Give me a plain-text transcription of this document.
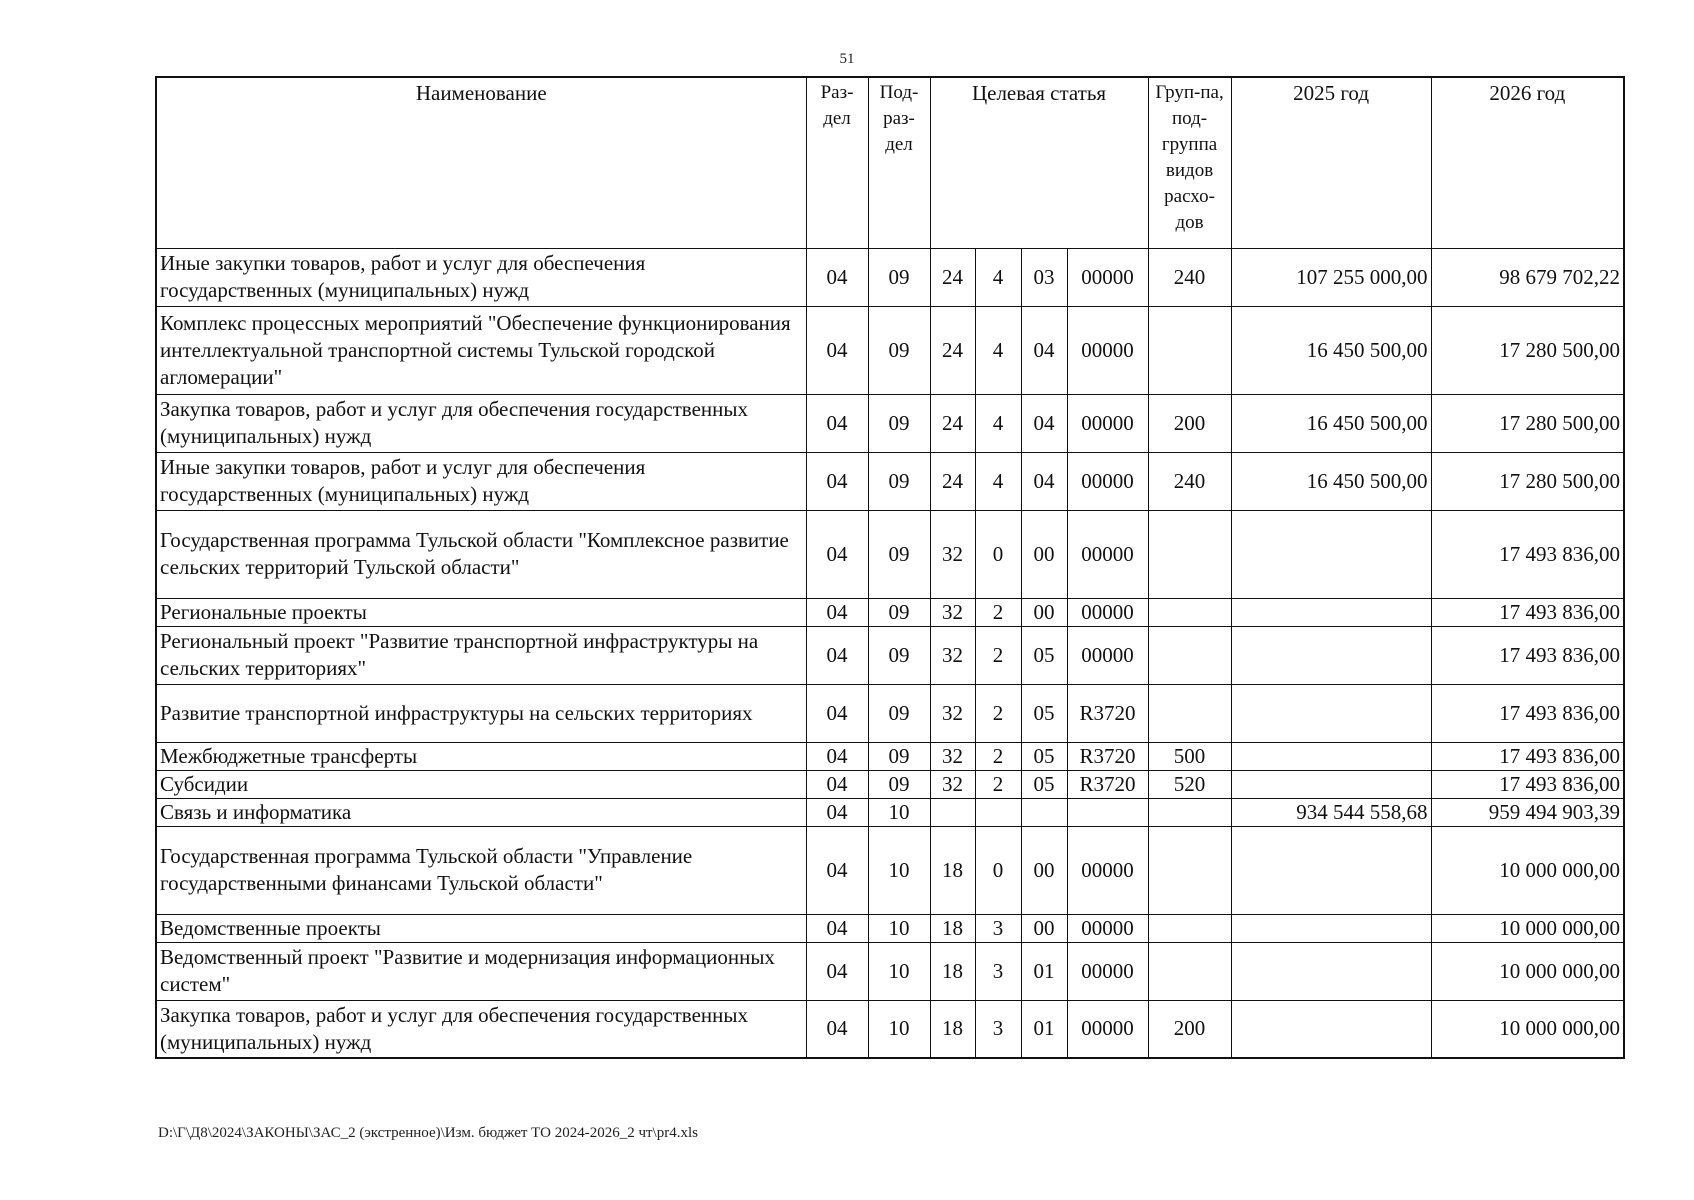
51
Наименование	Раз-дел	Под-раз-дел	Целевая статья				Груп-па, под-группа видов расхо-дов	2025 год	2026 год
Иные закупки товаров, работ и услуг для обеспечения государственных (муниципальных) нужд	04	09	24	4	03	00000	240	107 255 000,00	98 679 702,22
Комплекс процессных мероприятий "Обеспечение функционирования интеллектуальной транспортной системы Тульской городской агломерации"	04	09	24	4	04	00000		16 450 500,00	17 280 500,00
Закупка товаров, работ и услуг для обеспечения государственных (муниципальных) нужд	04	09	24	4	04	00000	200	16 450 500,00	17 280 500,00
Иные закупки товаров, работ и услуг для обеспечения государственных (муниципальных) нужд	04	09	24	4	04	00000	240	16 450 500,00	17 280 500,00
Государственная программа Тульской области "Комплексное развитие сельских территорий Тульской области"	04	09	32	0	00	00000			17 493 836,00
Региональные проекты	04	09	32	2	00	00000			17 493 836,00
Региональный проект "Развитие транспортной инфраструктуры на сельских территориях"	04	09	32	2	05	00000			17 493 836,00
Развитие транспортной инфраструктуры на сельских территориях	04	09	32	2	05	R3720			17 493 836,00
Межбюджетные трансферты	04	09	32	2	05	R3720	500		17 493 836,00
Субсидии	04	09	32	2	05	R3720	520		17 493 836,00
Связь и информатика	04	10						934 544 558,68	959 494 903,39
Государственная программа Тульской области "Управление государственными финансами Тульской области"	04	10	18	0	00	00000			10 000 000,00
Ведомственные проекты	04	10	18	3	00	00000			10 000 000,00
Ведомственный проект "Развитие и модернизация информационных систем"	04	10	18	3	01	00000			10 000 000,00
Закупка товаров, работ и услуг для обеспечения государственных (муниципальных) нужд	04	10	18	3	01	00000	200		10 000 000,00
D:\Г\Д8\2024\ЗАКОНЫ\ЗАС_2 (экстренное)\Изм. бюджет ТО 2024-2026_2 чт\pr4.xls
